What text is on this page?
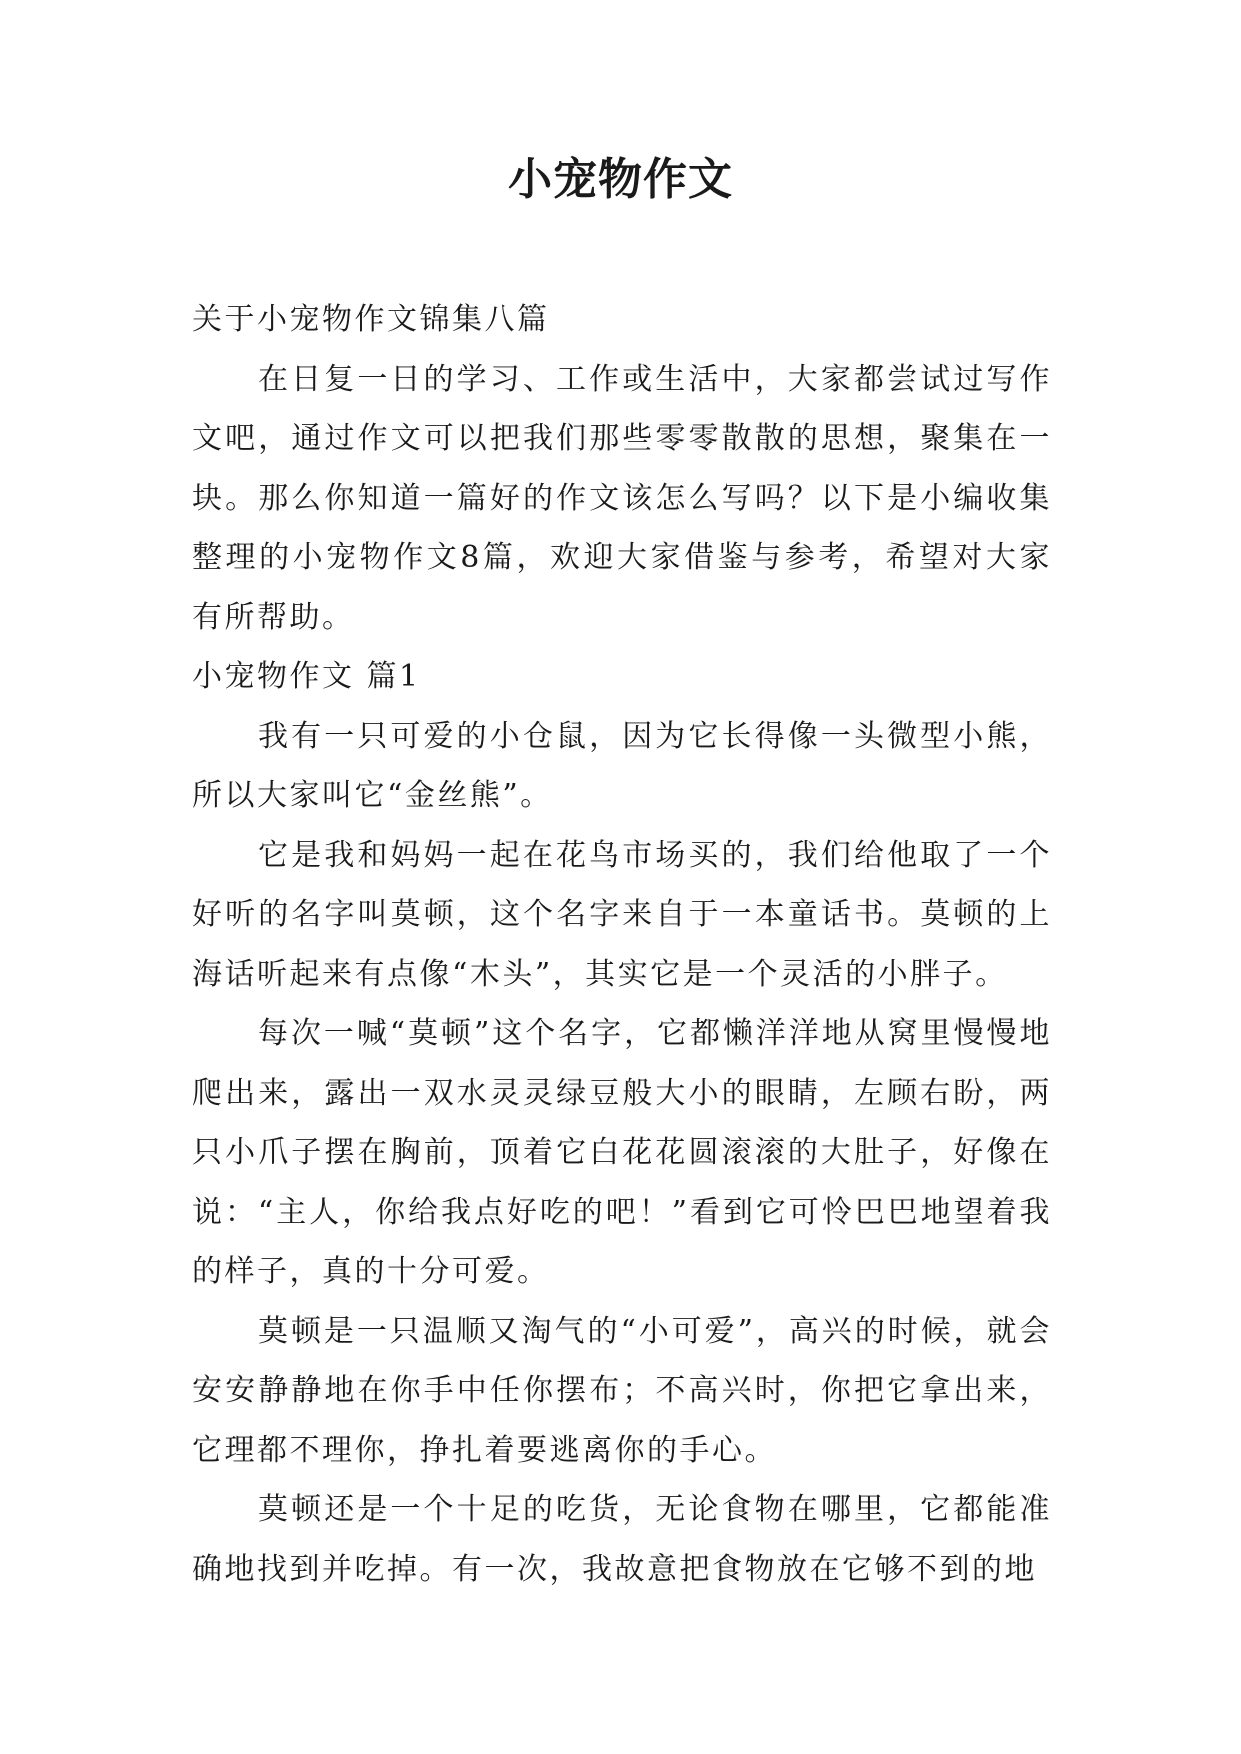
小宠物作文

关于小宠物作文锦集八篇

在日复一日的学习、工作或生活中，大家都尝试过写作文吧，通过作文可以把我们那些零零散散的思想，聚集在一块。那么你知道一篇好的作文该怎么写吗？以下是小编收集整理的小宠物作文8篇，欢迎大家借鉴与参考，希望对大家有所帮助。

小宠物作文 篇1

我有一只可爱的小仓鼠，因为它长得像一头微型小熊，所以大家叫它“金丝熊”。

它是我和妈妈一起在花鸟市场买的，我们给他取了一个好听的名字叫莫顿，这个名字来自于一本童话书。莫顿的上海话听起来有点像“木头”，其实它是一个灵活的小胖子。

每次一喊“莫顿”这个名字，它都懒洋洋地从窝里慢慢地爬出来，露出一双水灵灵绿豆般大小的眼睛，左顾右盼，两只小爪子摆在胸前，顶着它白花花圆滚滚的大肚子，好像在说：“主人，你给我点好吃的吧！”看到它可怜巴巴地望着我的样子，真的十分可爱。

莫顿是一只温顺又淘气的“小可爱”，高兴的时候，就会安安静静地在你手中任你摆布；不高兴时，你把它拿出来，它理都不理你，挣扎着要逃离你的手心。

莫顿还是一个十足的吃货，无论食物在哪里，它都能准确地找到并吃掉。有一次，我故意把食物放在它够不到的地
